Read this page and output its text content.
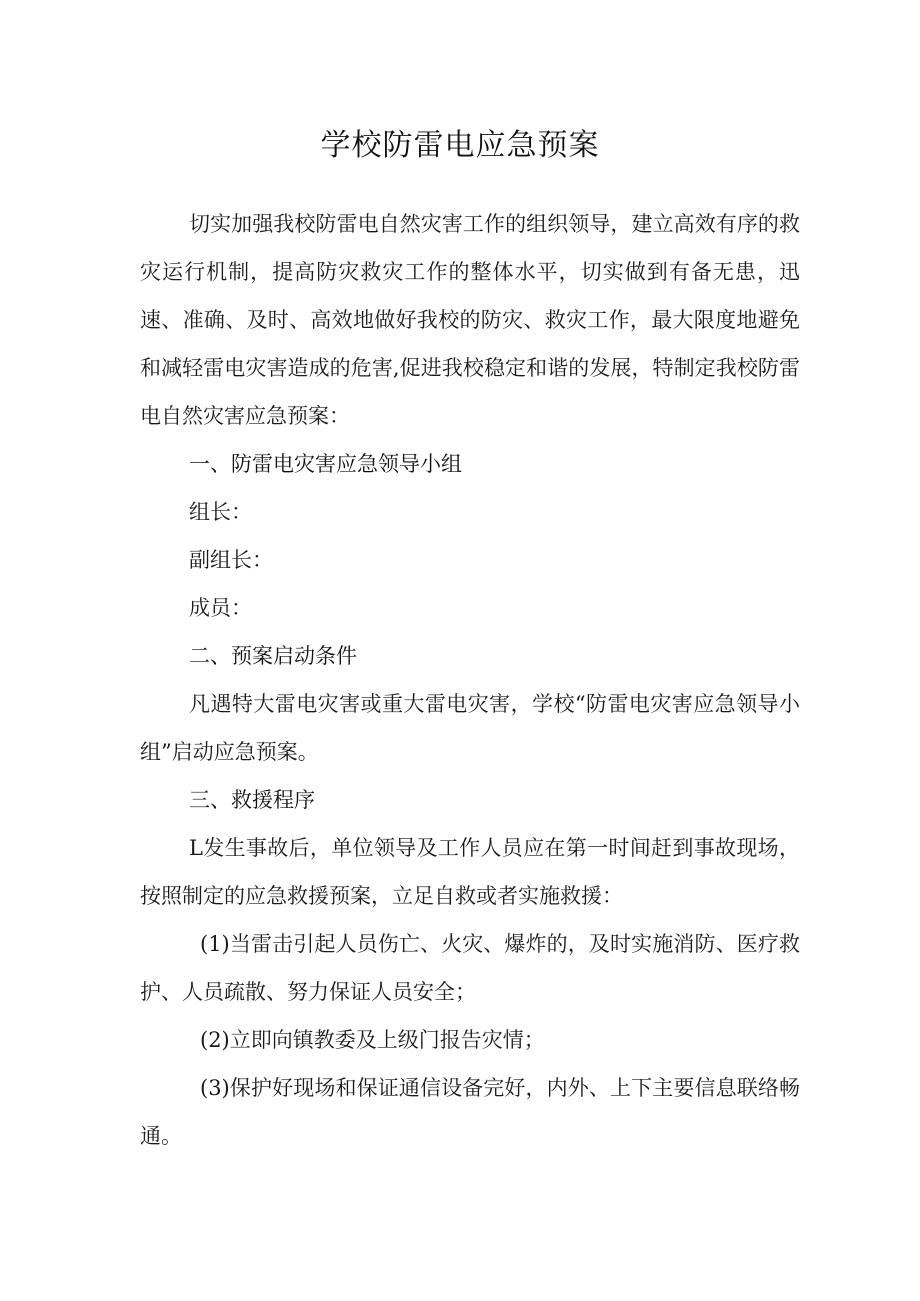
学校防雷电应急预案

切实加强我校防雷电自然灾害工作的组织领导，建立高效有序的救灾运行机制，提高防灾救灾工作的整体水平，切实做到有备无患，迅速、准确、及时、高效地做好我校的防灾、救灾工作，最大限度地避免和减轻雷电灾害造成的危害,促进我校稳定和谐的发展，特制定我校防雷电自然灾害应急预案：

一、防雷电灾害应急领导小组

组长：

副组长：

成员：

二、预案启动条件

凡遇特大雷电灾害或重大雷电灾害，学校“防雷电灾害应急领导小组”启动应急预案。

三、救援程序

L发生事故后，单位领导及工作人员应在第一时间赶到事故现场，按照制定的应急救援预案，立足自救或者实施救援：

(1)当雷击引起人员伤亡、火灾、爆炸的，及时实施消防、医疗救护、人员疏散、努力保证人员安全；

(2)立即向镇教委及上级门报告灾情；

(3)保护好现场和保证通信设备完好，内外、上下主要信息联络畅通。
